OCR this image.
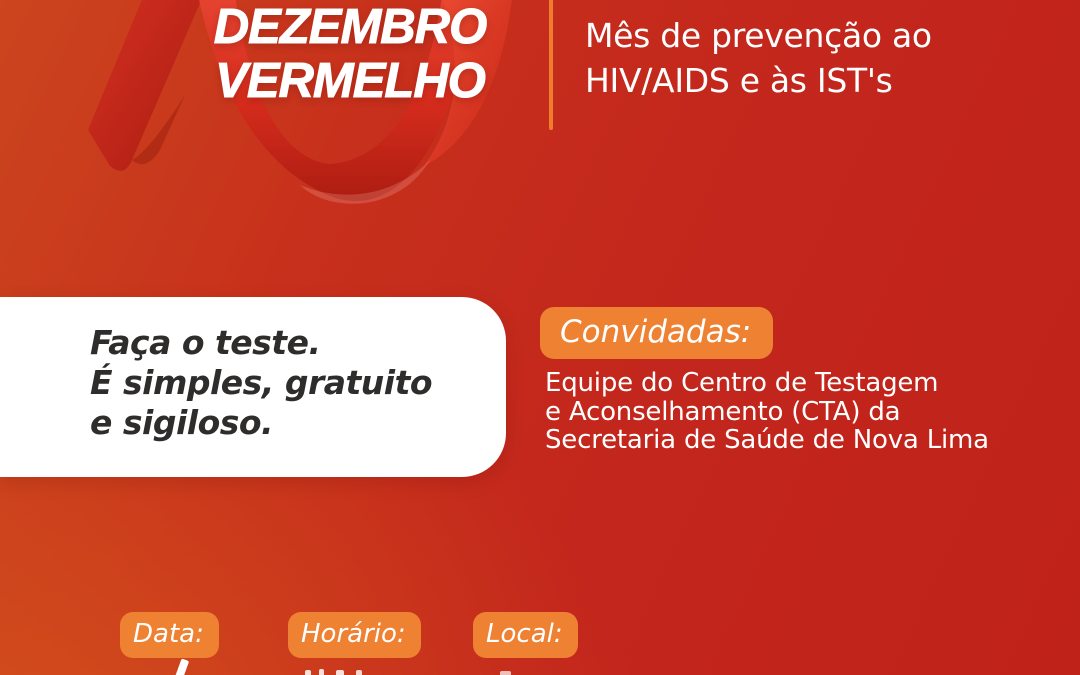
DEZEMBRO
VERMELHO
Mês de prevenção ao
HIV/AIDS e às IST's
Faça o teste.
É simples, gratuito
e sigiloso.
Convidadas:
Equipe do Centro de Testagem
e Aconselhamento (CTA) da
Secretaria de Saúde de Nova Lima
Data:	Horário:	Local:
